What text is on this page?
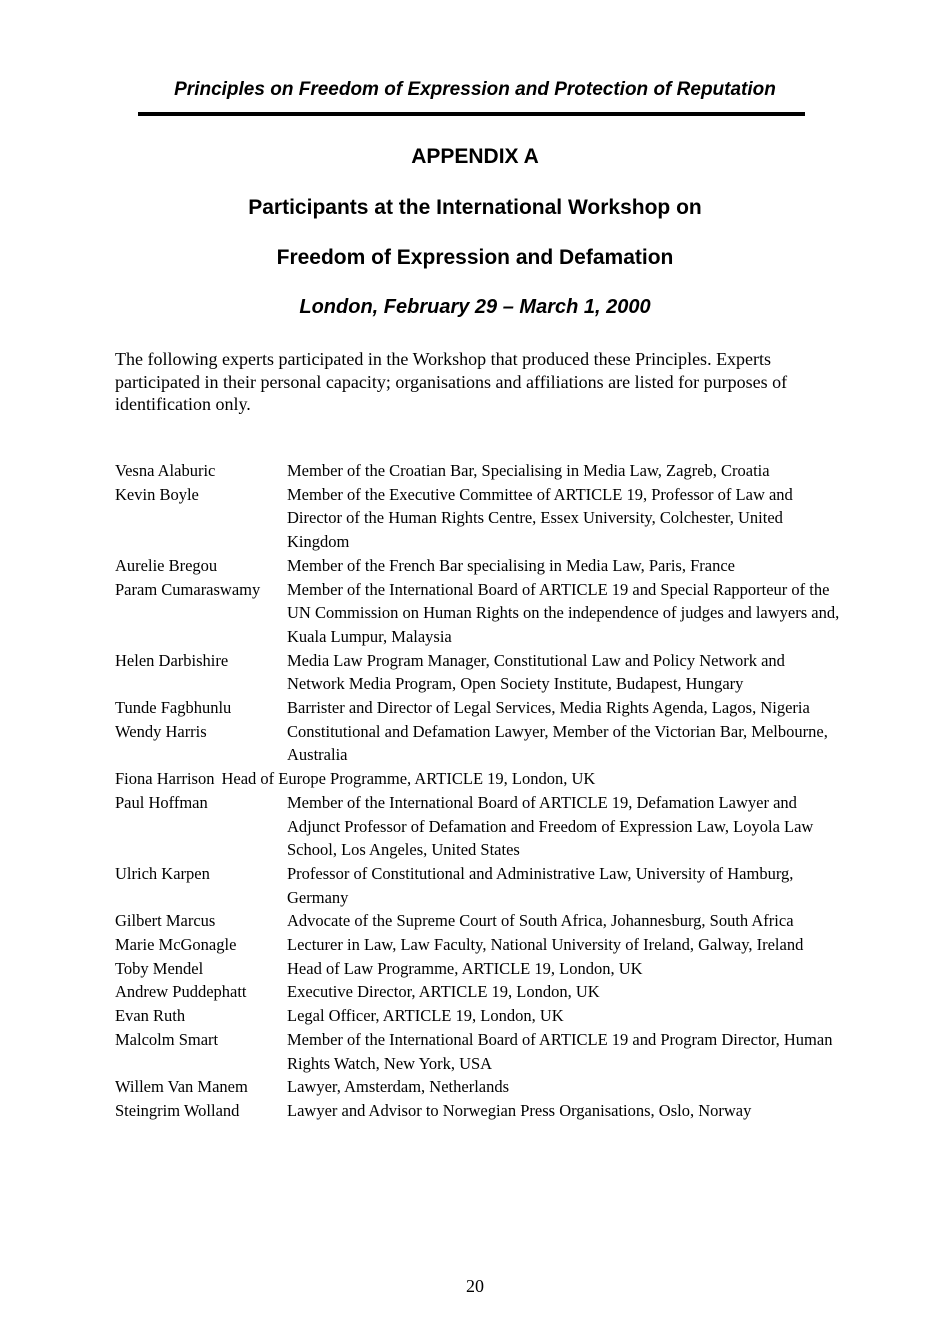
Principles on Freedom of Expression and Protection of Reputation
APPENDIX A
Participants at the International Workshop on
Freedom of Expression and Defamation
London, February 29 – March 1, 2000
The following experts participated in the Workshop that produced these Principles. Experts participated in their personal capacity; organisations and affiliations are listed for purposes of identification only.
Vesna Alaburic	Member of the Croatian Bar, Specialising in Media Law, Zagreb, Croatia
Kevin Boyle	Member of the Executive Committee of ARTICLE 19, Professor of Law and Director of the Human Rights Centre, Essex University, Colchester, United Kingdom
Aurelie Bregou	Member of the French Bar specialising in Media Law, Paris, France
Param Cumaraswamy	Member of the International Board of ARTICLE 19 and Special Rapporteur of the UN Commission on Human Rights on the independence of judges and lawyers and, Kuala Lumpur, Malaysia
Helen Darbishire	Media Law Program Manager, Constitutional Law and Policy Network and Network Media Program, Open Society Institute, Budapest, Hungary
Tunde Fagbhunlu	Barrister and Director of Legal Services, Media Rights Agenda, Lagos, Nigeria
Wendy Harris	Constitutional and Defamation Lawyer, Member of the Victorian Bar, Melbourne, Australia
Fiona Harrison Head of Europe Programme, ARTICLE 19, London, UK
Paul Hoffman	Member of the International Board of ARTICLE 19, Defamation Lawyer and Adjunct Professor of Defamation and Freedom of Expression Law, Loyola Law School, Los Angeles, United States
Ulrich Karpen	Professor of Constitutional and Administrative Law, University of Hamburg, Germany
Gilbert Marcus	Advocate of the Supreme Court of South Africa, Johannesburg, South Africa
Marie McGonagle	Lecturer in Law, Law Faculty, National University of Ireland, Galway, Ireland
Toby Mendel	Head of Law Programme, ARTICLE 19, London, UK
Andrew Puddephatt	Executive Director, ARTICLE 19, London, UK
Evan Ruth	Legal Officer, ARTICLE 19, London, UK
Malcolm Smart	Member of the International Board of ARTICLE 19 and Program Director, Human Rights Watch, New York, USA
Willem Van Manem	Lawyer, Amsterdam, Netherlands
Steingrim Wolland	Lawyer and Advisor to Norwegian Press Organisations, Oslo, Norway
20
